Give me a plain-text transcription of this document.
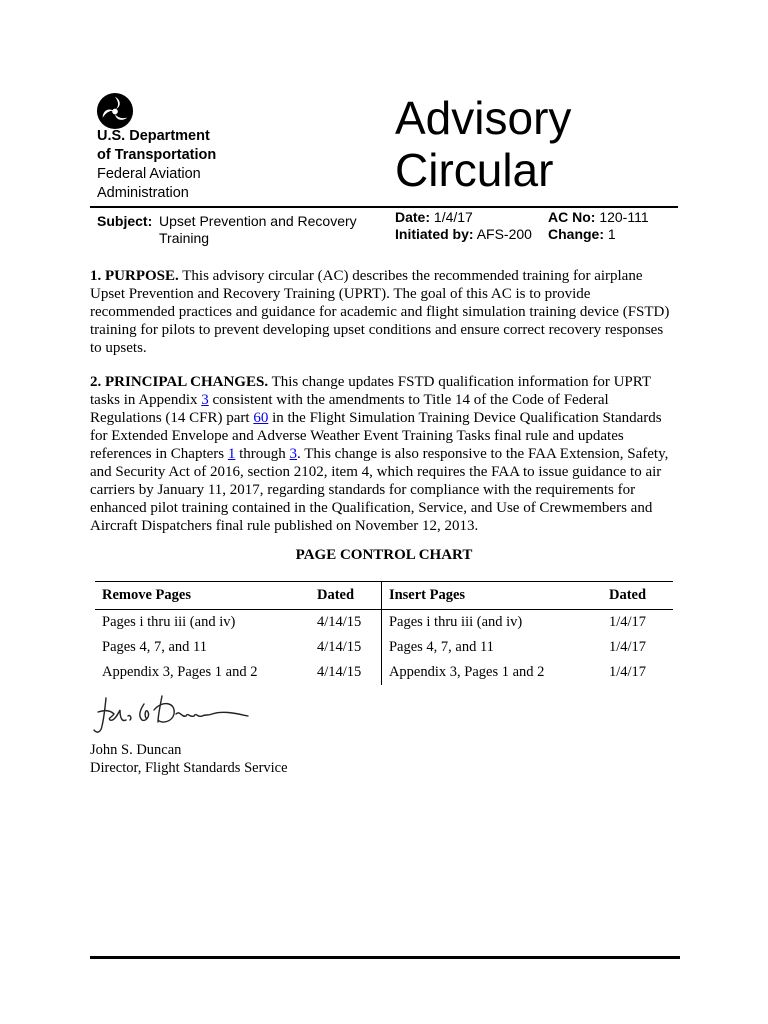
U.S. Department
of Transportation
Federal Aviation
Administration
Advisory
Circular
Subject: Upset Prevention and Recovery
Training
Date: 1/4/17
Initiated by: AFS-200
AC No: 120-111
Change: 1
1. PURPOSE. This advisory circular (AC) describes the recommended training for airplane Upset Prevention and Recovery Training (UPRT). The goal of this AC is to provide recommended practices and guidance for academic and flight simulation training device (FSTD) training for pilots to prevent developing upset conditions and ensure correct recovery responses to upsets.
2. PRINCIPAL CHANGES. This change updates FSTD qualification information for UPRT tasks in Appendix 3 consistent with the amendments to Title 14 of the Code of Federal Regulations (14 CFR) part 60 in the Flight Simulation Training Device Qualification Standards for Extended Envelope and Adverse Weather Event Training Tasks final rule and updates references in Chapters 1 through 3. This change is also responsive to the FAA Extension, Safety, and Security Act of 2016, section 2102, item 4, which requires the FAA to issue guidance to air carriers by January 11, 2017, regarding standards for compliance with the requirements for enhanced pilot training contained in the Qualification, Service, and Use of Crewmembers and Aircraft Dispatchers final rule published on November 12, 2013.
PAGE CONTROL CHART
Remove Pages	Dated	Insert Pages	Dated
Pages i thru iii (and iv)	4/14/15	Pages i thru iii (and iv)	1/4/17
Pages 4, 7, and 11	4/14/15	Pages 4, 7, and 11	1/4/17
Appendix 3, Pages 1 and 2	4/14/15	Appendix 3, Pages 1 and 2	1/4/17
John S. Duncan
Director, Flight Standards Service
